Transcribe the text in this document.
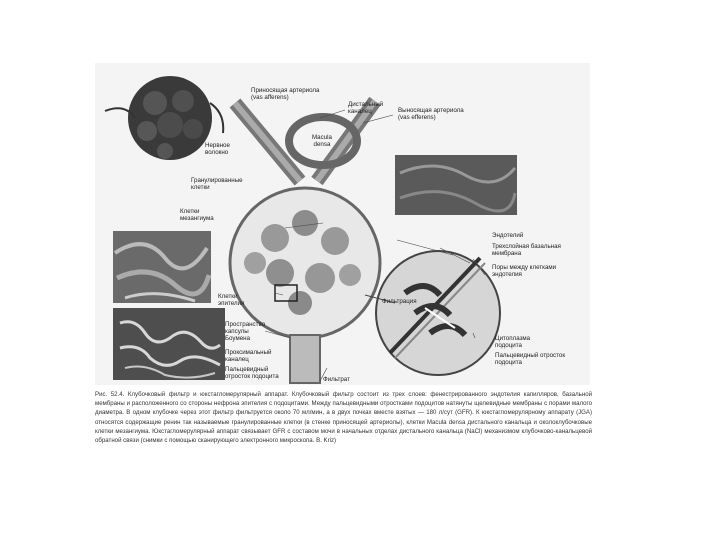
Приносящая артериола
(vas afferens)
Дистальный
каналец	Выносящая артериола
(vas efferens)
Macula
densa
Нервное
волокно
Гранулированные
клетки
Клетки
мезангиума
Эндотелий
Трехслойная базальная
мембрана
Поры между клетками
эндотелия
Фильтрация
Клетки
эпителия
Пространство
капсулы
Боумена
Проксимальный
каналец
Пальцевидный
отросток подоцита	Фильтрат
Цитоплазма
подоцита
Пальцевидный отросток
подоцита
Рис. 52.4. Клубочковый фильтр и юкстагломерулярный аппарат. Клубочковый фильтр состоит из трех слоев: фенестрированного эндотелия капилляров, базальной мембраны и расположенного со стороны нефрона эпителия с подоцитами. Между пальцевидными отростками подоцитов натянуты щелевидные мембраны с порами малого диаметра. В одном клубочке через этот фильтр фильтруется около 70 мл/мин, а в двух почках вместе взятых — 180 л/сут (GFR). К юкстагломерулярному аппарату (JGA) относятся содержащие ренин так называемые гранулированные клетки (в стенке приносящей артериолы), клетки Macula densa дистального канальца и околоклубочковые клетки мезангиума. Юкстагломерулярный аппарат связывает GFR с составом мочи в начальных отделах дистального канальца (NaCl) механизмом клубочково-канальцевой обратной связи (снимки с помощью сканирующего электронного микроскопа. В. Kriz)
